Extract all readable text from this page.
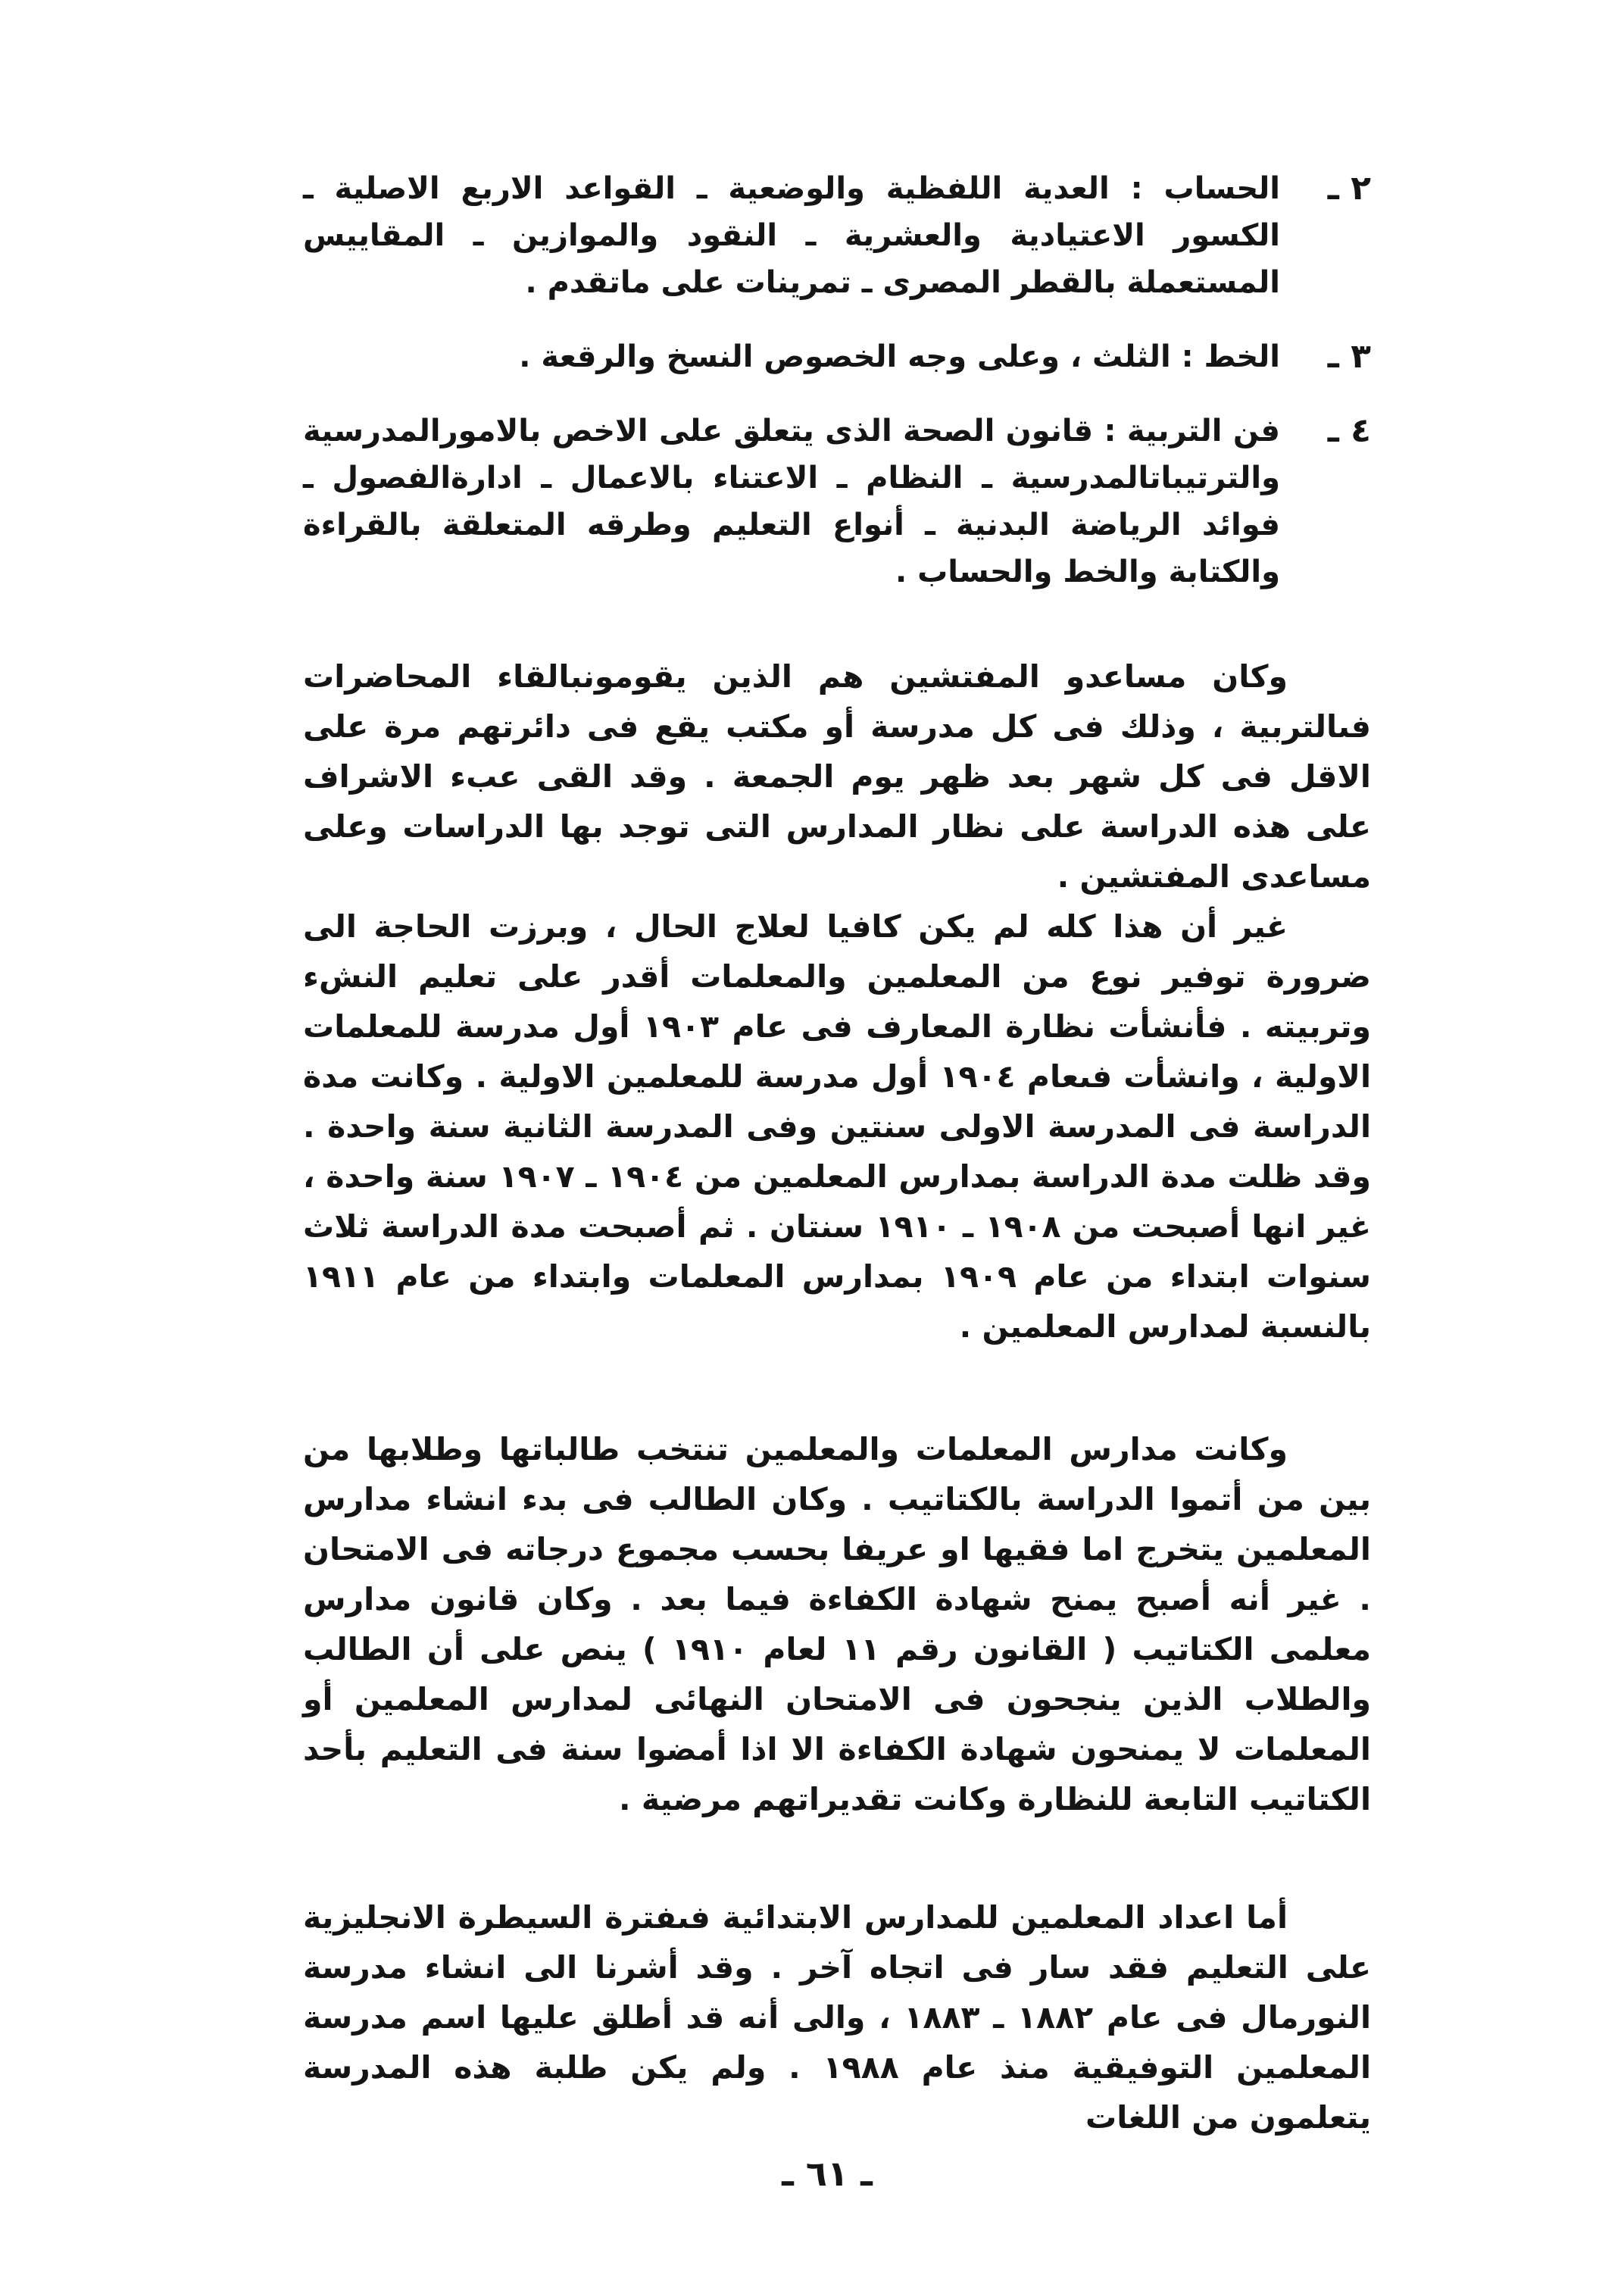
٢ ـ
الحساب : العدية اللفظية والوضعية ـ القواعد الاربع الاصلية ـ الكسور الاعتيادية والعشرية ـ النقود والموازين ـ المقاييس المستعملة بالقطر المصرى ـ تمرينات على ماتقدم .
٣ ـ
الخط : الثلث ، وعلى وجه الخصوص النسخ والرقعة .
٤ ـ
فن التربية : قانون الصحة الذى يتعلق على الاخص بالامورالمدرسية والترتيباتالمدرسية ـ النظام ـ الاعتناء بالاعمال ـ ادارةالفصول ـ فوائد الرياضة البدنية ـ أنواع التعليم وطرقه المتعلقة بالقراءة والكتابة والخط والحساب .

وكان مساعدو المفتشين هم الذين يقومونبالقاء المحاضرات فىالتربية ، وذلك فى كل مدرسة أو مكتب يقع فى دائرتهم مرة على الاقل فى كل شهر بعد ظهر يوم الجمعة . وقد القى عبء الاشراف على هذه الدراسة على نظار المدارس التى توجد بها الدراسات وعلى مساعدى المفتشين .

غير أن هذا كله لم يكن كافيا لعلاج الحال ، وبرزت الحاجة الى ضرورة توفير نوع من المعلمين والمعلمات أقدر على تعليم النشء وتربيته . فأنشأت نظارة المعارف فى عام ١٩٠٣ أول مدرسة للمعلمات الاولية ، وانشأت فىعام ١٩٠٤ أول مدرسة للمعلمين الاولية . وكانت مدة الدراسة فى المدرسة الاولى سنتين وفى المدرسة الثانية سنة واحدة . وقد ظلت مدة الدراسة بمدارس المعلمين من ١٩٠٤ ـ ١٩٠٧ سنة واحدة ، غير انها أصبحت من ١٩٠٨ ـ ١٩١٠ سنتان . ثم أصبحت مدة الدراسة ثلاث سنوات ابتداء من عام ١٩٠٩ بمدارس المعلمات وابتداء من عام ١٩١١ بالنسبة لمدارس المعلمين .

وكانت مدارس المعلمات والمعلمين تنتخب طالباتها وطلابها من بين من أتموا الدراسة بالكتاتيب . وكان الطالب فى بدء انشاء مدارس المعلمين يتخرج اما فقيها او عريفا بحسب مجموع درجاته فى الامتحان . غير أنه أصبح يمنح شهادة الكفاءة فيما بعد . وكان قانون مدارس معلمى الكتاتيب ( القانون رقم ١١ لعام ١٩١٠ ) ينص على أن الطالب والطلاب الذين ينجحون فى الامتحان النهائى لمدارس المعلمين أو المعلمات لا يمنحون شهادة الكفاءة الا اذا أمضوا سنة فى التعليم بأحد الكتاتيب التابعة للنظارة وكانت تقديراتهم مرضية .

أما اعداد المعلمين للمدارس الابتدائية فىفترة السيطرة الانجليزية على التعليم فقد سار فى اتجاه آخر . وقد أشرنا الى انشاء مدرسة النورمال فى عام ١٨٨٢ ـ ١٨٨٣ ، والى أنه قد أطلق عليها اسم مدرسة المعلمين التوفيقية منذ عام ١٩٨٨ . ولم يكن طلبة هذه المدرسة يتعلمون من اللغات

ـ ٦١ ـ
